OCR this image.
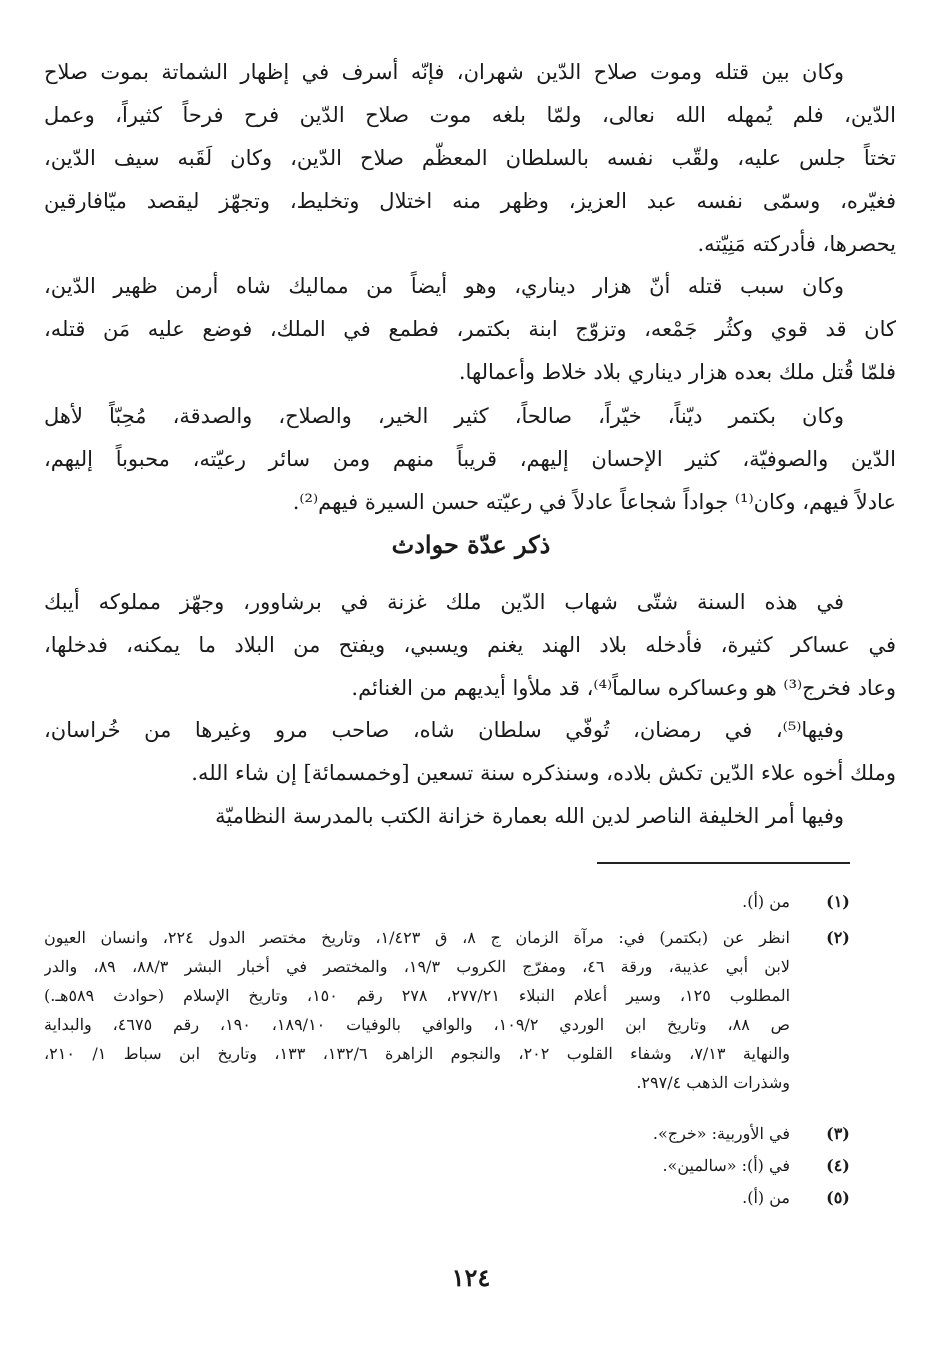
وكان بين قتله وموت صلاح الدّين شهران، فإنّه أسرف في إظهار الشماتة بموت صلاح
الدّين، فلم يُمهله الله نعالى، ولمّا بلغه موت صلاح الدّين فرح فرحاً كثيراً، وعمل
تختاً جلس عليه، ولقّب نفسه بالسلطان المعظّم صلاح الدّين، وكان لَقَبه سيف الدّين،
فغيّره، وسمّى نفسه عبد العزيز، وظهر منه اختلال وتخليط، وتجهّز ليقصد ميّافارقين
يحصرها، فأدركته مَنِيّته.
وكان سبب قتله أنّ هزار ديناري، وهو أيضاً من مماليك شاه أرمن ظهير الدّين،
كان قد قوي وكثُر جَمْعه، وتزوّج ابنة بكتمر، فطمع في الملك، فوضع عليه مَن قتله،
فلمّا قُتل ملك بعده هزار ديناري بلاد خلاط وأعمالها.
وكان بكتمر ديّناً، خيّراً، صالحاً، كثير الخير، والصلاح، والصدقة، مُحِبّاً لأهل
الدّين والصوفيّة، كثير الإحسان إليهم، قريباً منهم ومن سائر رعيّته، محبوباً إليهم،
عادلاً فيهم، وكان⁽¹⁾ جواداً شجاعاً عادلاً في رعيّته حسن السيرة فيهم⁽²⁾.
في هذه السنة شتّى شهاب الدّين ملك غزنة في برشاوور، وجهّز مملوكه أيبك
في عساكر كثيرة، فأدخله بلاد الهند يغنم ويسبي، ويفتح من البلاد ما يمكنه، فدخلها،
وعاد فخرج⁽³⁾ هو وعساكره سالماً⁽⁴⁾، قد ملأوا أيديهم من الغنائم.
وفيها⁽⁵⁾، في رمضان، تُوفّي سلطان شاه، صاحب مرو وغيرها من خُراسان،
وملك أخوه علاء الدّين تكش بلاده، وسنذكره سنة تسعين [وخمسمائة] إن شاء الله.
وفيها أمر الخليفة الناصر لدين الله بعمارة خزانة الكتب بالمدرسة النظاميّة
ذكر عدّة حوادث
(١)
من (أ).
(٢)
انظر عن (بكتمر) في: مرآة الزمان ج ٨، ق ١/٤٢٣، وتاريخ مختصر الدول ٢٢٤، وانسان العيون
لابن أبي عذيبة، ورقة ٤٦، ومفرّج الكروب ١٩/٣، والمختصر في أخبار البشر ٨٨/٣، ٨٩، والدر
المطلوب ١٢٥، وسير أعلام النبلاء ٢٧٧/٢١، ٢٧٨ رقم ١٥٠، وتاريخ الإسلام (حوادث ٥٨٩هـ.)
ص ٨٨، وتاريخ ابن الوردي ١٠٩/٢، والوافي بالوفيات ١٨٩/١٠، ١٩٠، رقم ٤٦٧٥، والبداية
والنهاية ٧/١٣، وشفاء القلوب ٢٠٢، والنجوم الزاهرة ١٣٢/٦، ١٣٣، وتاريخ ابن سباط ١/ ٢١٠،
وشذرات الذهب ٢٩٧/٤.
(٣)
في الأوربية: «خرج».
(٤)
في (أ): «سالمين».
(٥)
من (أ).
١٢٤
